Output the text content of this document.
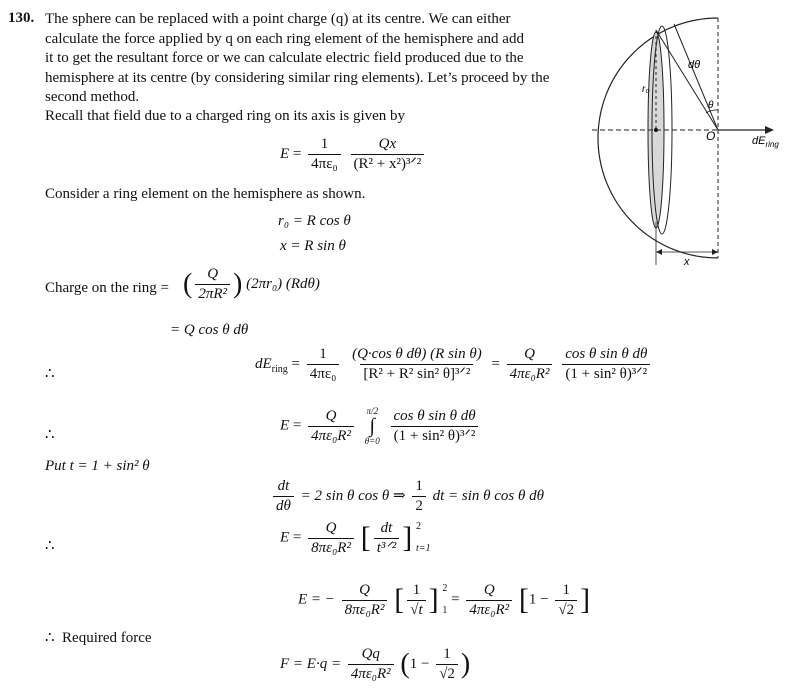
130. The sphere can be replaced with a point charge (q) at its centre. We can either
calculate the force applied by q on each ring element of the hemisphere and add
it to get the resultant force or we can calculate electric field produced due to the
hemisphere at its centre (by considering similar ring elements). Let’s proceed by the
second method.
Recall that field due to a charged ring on its axis is given by
$E = \frac{1}{\text{4πε₀}}$
$\frac{Qx}{\text{(R² + x²)³ᐟ²}}$
Consider a ring element on the hemisphere as shown.
r₀ = R cos θ
x = R sin θ
Charge on the ring = ( $\frac{Q}{\text{2πR²}}$ ) (2πr₀) (Rdθ)
= Q cos θ dθ
∴
$dE_{ring} = \frac{1}{\text{4πε₀}}$
$\frac{\text{(Q·cos θ dθ) (R sin θ)}}{\text{[R² + R² sin² θ]³ᐟ²}} = \frac{Q}{\text{4πε₀R²}}$
$\frac{\text{cos θ sin θ dθ}}{\text{(1 + sin² θ)³ᐟ²}}$
∴
$E = \frac{Q}{\text{4πε₀R²}}$
π/2
∫
θ=0
$\frac{\text{cos θ sin θ dθ}}{\text{(1 + sin² θ)³ᐟ²}}$
Put t = 1 + sin² θ
$\frac{dt}{d\theta} = 2$ sin θ cos θ ⇒ $\frac{1}{2}$ dt = sin θ cos θ dθ
∴
$E = \frac{Q}{\text{8πε₀R²}}$ [ $\frac{dt}{\text{t³ᐟ²}}$ ] 2
t=1
E = − $\frac{Q}{\text{8πε₀R²}}$ [ $\frac{1}{√t}$ ] 2
1
= $\frac{Q}{\text{4πε₀R²}} [1 - \frac{1}{√2}$ ]
∴ Required force
$F = E\cdot q = \frac{Qq}{\text{4πε₀R²}} (1 - \frac{1}{√2}$ )
r₀
dθ
θ
O
x
$dE_{ring}$
